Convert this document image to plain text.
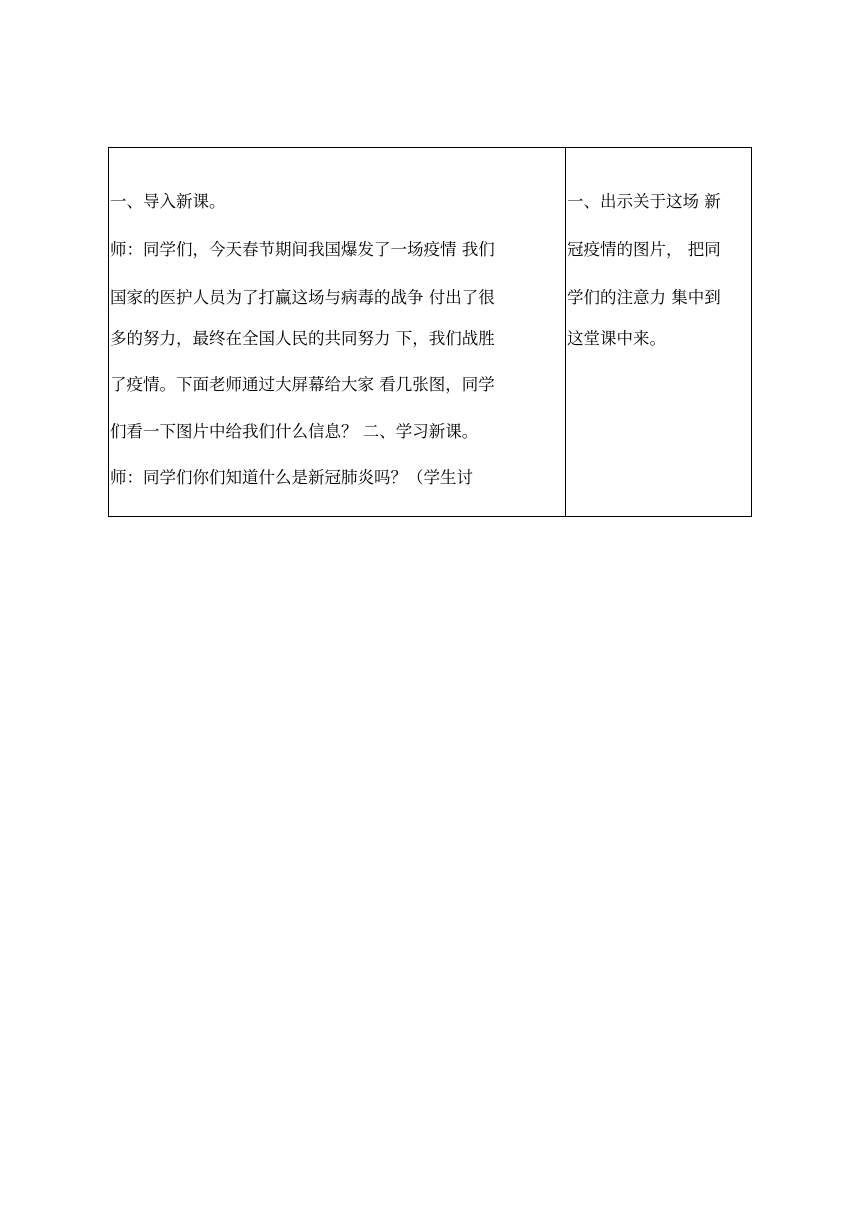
一、导入新课。
师：同学们，今天春节期间我国爆发了一场疫情 我们
国家的医护人员为了打赢这场与病毒的战争 付出了很
多的努力，最终在全国人民的共同努力 下，我们战胜
了疫情。下面老师通过大屏幕给大家 看几张图，同学
们看一下图片中给我们什么信息？ 二、学习新课。
师：同学们你们知道什么是新冠肺炎吗？（学生讨
一、出示关于这场 新
冠疫情的图片， 把同
学们的注意力 集中到
这堂课中来。
